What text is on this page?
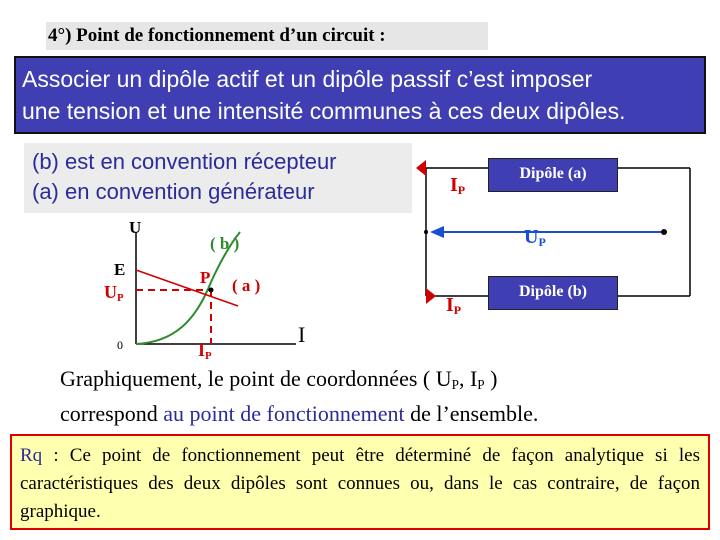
4°) Point de fonctionnement d’un circuit :
Associer un dipôle actif et un dipôle passif c’est imposer
une tension et une intensité communes à ces deux dipôles.
(b) est en convention récepteur
(a) en convention générateur
U
I
0
E
$U_P$
$I_P$
P
( b )
( a )
Dipôle (a)
Dipôle (b)
$I_P$
$I_P$
$U_P$
Graphiquement, le point de coordonnées ( $U_P$, $I_P$ )
correspond au point de fonctionnement de l’ensemble.
Rq : Ce point de fonctionnement peut être déterminé de façon analytique si les caractéristiques des deux dipôles sont connues ou, dans le cas contraire, de façon graphique.
